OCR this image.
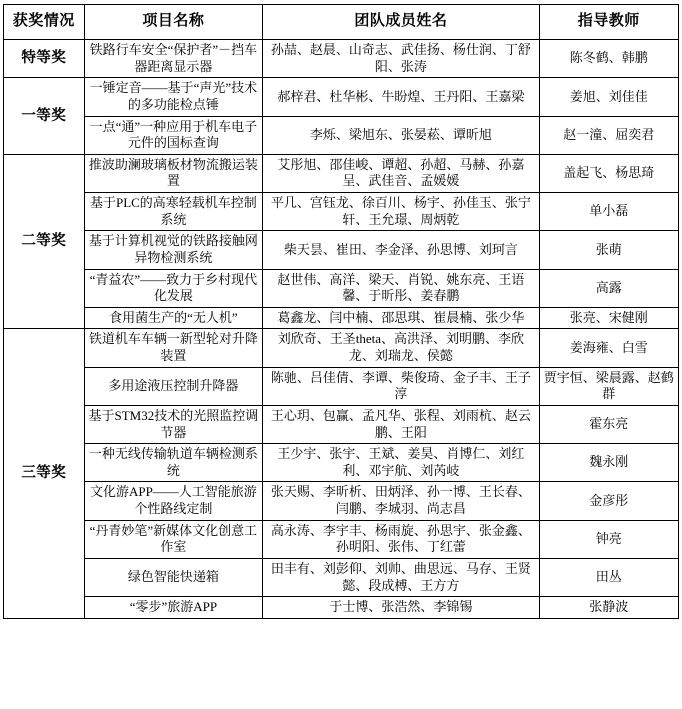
获奖情况	项目名称	团队成员姓名	指导教师
特等奖	铁路行车安全“保护者”－挡车器距离显示器	孙喆、赵晨、山奇志、武佳扬、杨仕润、丁舒阳、张涛	陈冬鹤、韩鹏
一等奖	一锤定音——基于“声光”技术的多功能检点锤	郝梓君、杜华彬、牛盼煌、王丹阳、王嘉梁	姜旭、刘佳佳
	一点“通”一种应用于机车电子元件的国标查询	李烁、梁旭东、张晏菘、谭昕旭	赵一潼、屈奕君
二等奖	推波助澜玻璃板材物流搬运装置	艾彤旭、邵佳峻、谭超、孙超、马赫、孙嘉呈、武佳音、孟媛媛	盖起飞、杨思琦
	基于PLC的高寒轻载机车控制系统	平几、宫钰龙、徐百川、杨宇、孙佳玉、张宁轩、王允璟、周炳乾	单小磊
	基于计算机视觉的铁路接触网异物检测系统	柴天昙、崔田、李金泽、孙思博、刘珂言	张萌
	“青益农”——致力于乡村现代化发展	赵世伟、高洋、梁天、肖锐、姚东亮、王语馨、于昕彤、姜春鹏	高露
	食用菌生产的“无人机”	葛鑫龙、闫中楠、邵思琪、崔晨楠、张少华	张亮、宋健刚
三等奖	铁道机车车辆一新型轮对升降装置	刘欣奇、王圣theta、高洪泽、刘明鹏、李欣龙、刘瑞龙、侯懿	姜海雍、白雪
	多用途液压控制升降器	陈驰、吕佳倩、李谭、柴俊琦、金子丰、王子淳	贾宇恒、梁晨露、赵鹤群
	基于STM32技术的光照监控调节器	王心玥、包赢、孟凡华、张程、刘雨杭、赵云鹏、王阳	霍东亮
	一种无线传输轨道车辆检测系统	王少宇、张宇、王斌、姜昊、肖博仁、刘红利、邓宇航、刘芮岐	魏永刚
	文化游APP——人工智能旅游个性路线定制	张天赐、李昕析、田炳泽、孙一博、王长春、闫鹏、李城羽、尚志昌	金彦彤
	“丹青妙笔”新媒体文化创意工作室	高永涛、李宇丰、杨雨旋、孙思宇、张金鑫、孙明阳、张伟、丁红蕾	钟亮
	绿色智能快递箱	田丰有、刘彭仰、刘帅、曲思远、马存、王贤懿、段成榑、王方方	田丛
	“零步”旅游APP	于士博、张浩然、李锦锡	张静波
